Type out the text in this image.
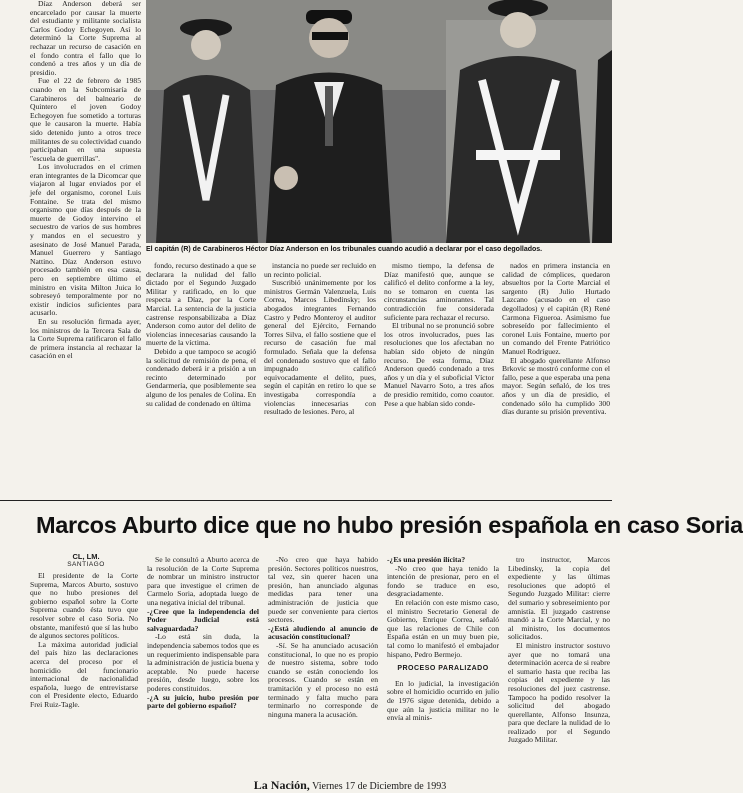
Díaz Anderson deberá ser encarcelado por causar la muerte del estudiante y militante socialista Carlos Godoy Echegoyen. Así lo determinó la Corte Suprema al rechazar un recurso de casación en el fondo contra el fallo que lo condenó a tres años y un día de presidio.

Fue el 22 de febrero de 1985 cuando en la Subcomisaría de Carabineros del balneario de Quintero el joven Godoy Echegoyen fue sometido a torturas que le causaron la muerte. Había sido detenido junto a otros trece militantes de su colectividad cuando participaban en una supuesta "escuela de guerrillas".

Los involucrados en el crimen eran integrantes de la Dicomcar que viajaron al lugar enviados por el jefe del organismo, coronel Luis Fontaine. Se trata del mismo organismo que días después de la muerte de Godoy intervino el secuestro de varios de sus hombres y mandos en el secuestro y asesinato de José Manuel Parada, Manuel Guerrero y Santiago Nattino. Díaz Anderson estuvo procesado también en esa causa, pero en septiembre último el ministro en visita Milton Juica lo sobreseyó temporalmente por no existir indicios suficientes para acusarlo.

En su resolución firmada ayer, los ministros de la Tercera Sala de la Corte Suprema ratificaron el fallo de primera instancia al rechazar la casación en el

El capitán (R) de Carabineros Héctor Díaz Anderson en los tribunales cuando acudió a declarar por el caso degollados.

fondo, recurso destinado a que se declarara la nulidad del fallo dictado por el Segundo Juzgado Militar y ratificado, en lo que respecta a Díaz, por la Corte Marcial. La sentencia de la justicia castrense responsabilizaba a Díaz Anderson como autor del delito de violencias innecesarias causando la muerte de la víctima.

Debido a que tampoco se acogió la solicitud de remisión de pena, el condenado deberá ir a prisión a un recinto determinado por Gendarmería, que posiblemente sea alguno de los penales de Colina. En su calidad de condenado en última

instancia no puede ser recluido en un recinto policial.

Suscribió unánimemente por los ministros Germán Valenzuela, Luis Correa, Marcos Libedinsky; los abogados integrantes Fernando Castro y Pedro Monteroy el auditor general del Ejército, Fernando Torres Silva, el fallo sostiene que el recurso de casación fue mal formulado. Señala que la defensa del condenado sostuvo que el fallo impugnado calificó equivocadamente el delito, pues, según el capitán en retiro lo que se investigaba correspondía a violencias innecesarias con resultado de lesiones. Pero, al

mismo tiempo, la defensa de Díaz manifestó que, aunque se calificó el delito conforme a la ley, no se tomaron en cuenta las circunstancias aminorantes. Tal contradicción fue considerada suficiente para rechazar el recurso.

El tribunal no se pronunció sobre los otros involucrados, pues las resoluciones que los afectaban no habían sido objeto de ningún recurso. De esta forma, Díaz Anderson quedó condenado a tres años y un día y el suboficial Víctor Manuel Navarro Soto, a tres años de presidio remitido, como coautor. Pese a que habían sido conde-

nados en primera instancia en calidad de cómplices, quedaron absueltos por la Corte Marcial el sargento (R) Julio Hurtado Lazcano (acusado en el caso degollados) y el capitán (R) René Carmona Figueroa. Asimismo fue sobreseído por fallecimiento el coronel Luis Fontaine, muerto por un comando del Frente Patriótico Manuel Rodríguez.

El abogado querellante Alfonso Brkovic se mostró conforme con el fallo, pese a que esperaba una pena mayor. Según señaló, de los tres años y un día de presidio, el condenado sólo ha cumplido 300 días durante su prisión preventiva.

Marcos Aburto dice que no hubo presión española en caso Soria
CL, LM.
SANTIAGO

El presidente de la Corte Suprema, Marcos Aburto, sostuvo que no hubo presiones del gobierno español sobre la Corte Suprema cuando ésta tuvo que resolver sobre el caso Soria. No obstante, manifestó que sí las hubo de algunos sectores políticos.

La máxima autoridad judicial del país hizo las declaraciones acerca del proceso por el homicidio del funcionario internacional de nacionalidad española, luego de entrevistarse con el Presidente electo, Eduardo Frei Ruiz-Tagle.

Se le consultó a Aburto acerca de la resolución de la Corte Suprema de nombrar un ministro instructor para que investigue el crimen de Carmelo Soria, adoptada luego de una negativa inicial del tribunal.

-¿Cree que la independencia del Poder Judicial está salvaguardada?

-Lo está sin duda, la independencia sabemos todos que es un requerimiento indispensable para la administración de justicia buena y aceptable. No puede hacerse presión, desde luego, sobre los poderes constituidos.

-¿A su juicio, hubo presión por parte del gobierno español?

-No creo que haya habido presión. Sectores políticos nuestros, tal vez, sin querer hacen una presión, han anunciado algunas medidas para tener una administración de justicia que puede ser conveniente para ciertos sectores.

-¿Está aludiendo al anuncio de acusación constitucional?

-Sí. Se ha anunciado acusación constitucional, lo que no es propio de nuestro sistema, sobre todo cuando se están conociendo los procesos. Cuando se están en tramitación y el proceso no está terminado y falta mucho para terminarlo no corresponde de ninguna manera la acusación.

-¿Es una presión ilícita?

-No creo que haya tenido la intención de presionar, pero en el fondo se traduce en eso, desgraciadamente.

En relación con este mismo caso, el ministro Secretario General de Gobierno, Enrique Correa, señaló que las relaciones de Chile con España están en un muy buen pie, tal como lo manifestó el embajador hispano, Pedro Bermejo.

PROCESO PARALIZADO

En lo judicial, la investigación sobre el homicidio ocurrido en julio de 1976 sigue detenida, debido a que aún la justicia militar no le envía al minis-

tro instructor, Marcos Libedinsky, la copia del expediente y las últimas resoluciones que adoptó el Segundo Juzgado Militar: cierre del sumario y sobreseimiento por amnistía. El juzgado castrense mandó a la Corte Marcial, y no al ministro, los documentos solicitados.

El ministro instructor sostuvo ayer que no tomará una determinación acerca de si reabre el sumario hasta que reciba las copias del expediente y las resoluciones del juez castrense. Tampoco ha podido resolver la solicitud del abogado querellante, Alfonso Insunza, para que declare la nulidad de lo realizado por el Segundo Juzgado Militar.

La Nación, Viernes 17 de Diciembre de 1993
